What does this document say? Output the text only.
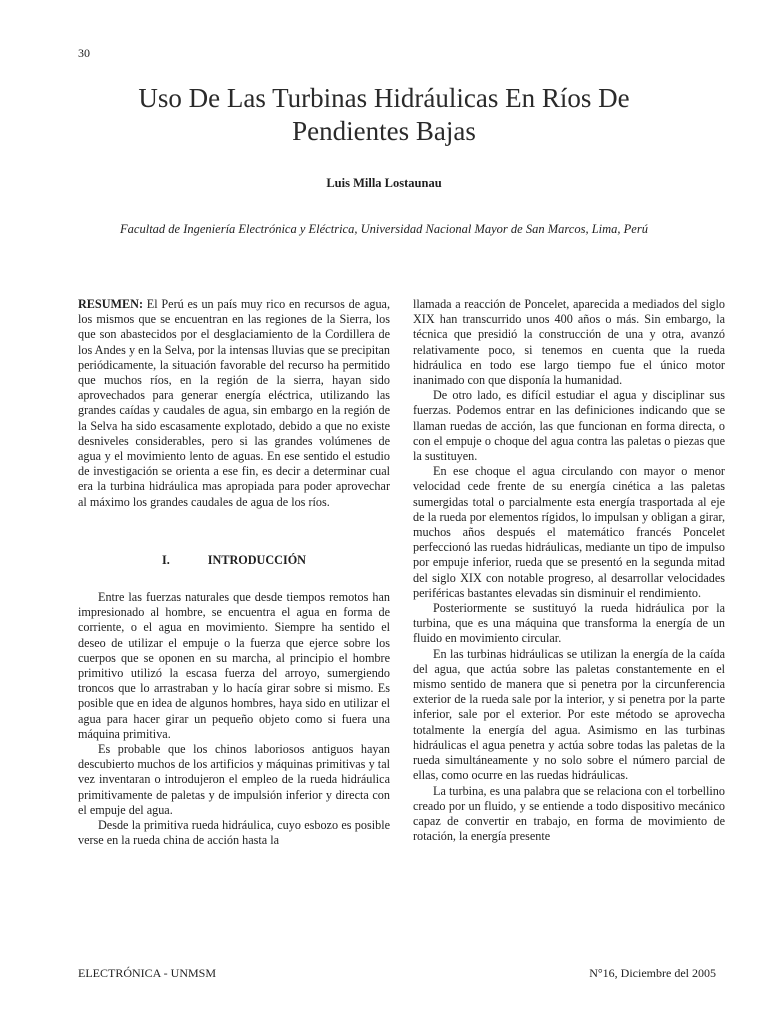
30
Uso De Las Turbinas Hidráulicas En Ríos De
Pendientes Bajas
Luis Milla Lostaunau
Facultad de Ingeniería Electrónica y Eléctrica, Universidad Nacional Mayor de San Marcos, Lima, Perú

RESUMEN: El Perú es un país muy rico en recursos de agua, los mismos que se encuentran en las regiones de la Sierra, los que son abastecidos por el desglaciamiento de la Cordillera de los Andes y en la Selva, por la intensas lluvias que se precipitan periódicamente, la situación favorable del recurso ha permitido que muchos ríos, en la región de la sierra, hayan sido aprovechados para generar energía eléctrica, utilizando las grandes caídas y caudales de agua, sin embargo en la región de la Selva ha sido escasamente explotado, debido a que no existe desniveles considerables, pero si las grandes volúmenes de agua y el movimiento lento de aguas. En ese sentido el estudio de investigación se orienta a ese fin, es decir a determinar cual era la turbina hidráulica mas apropiada para poder aprovechar al máximo los grandes caudales de agua de los ríos.

I.	INTRODUCCIÓN

Entre las fuerzas naturales que desde tiempos remotos han impresionado al hombre, se encuentra el agua en forma de corriente, o el agua en movimiento. Siempre ha sentido el deseo de utilizar el empuje o la fuerza que ejerce sobre los cuerpos que se oponen en su marcha, al principio el hombre primitivo utilizó la escasa fuerza del arroyo, sumergiendo troncos que lo arrastraban y lo hacía girar sobre si mismo. Es posible que en idea de algunos hombres, haya sido en utilizar el agua para hacer girar un pequeño objeto como si fuera una máquina primitiva.

Es probable que los chinos laboriosos antiguos hayan descubierto muchos de los artificios y máquinas primitivas y tal vez inventaran o introdujeron el empleo de la rueda hidráulica primitivamente de paletas y de impulsión inferior y directa con el empuje del agua.

Desde la primitiva rueda hidráulica, cuyo esbozo es posible verse en la rueda china de acción hasta la

llamada a reacción de Poncelet, aparecida a mediados del siglo XIX han transcurrido unos 400 años o más. Sin embargo, la técnica que presidió la construcción de una y otra, avanzó relativamente poco, si tenemos en cuenta que la rueda hidráulica en todo ese largo tiempo fue el único motor inanimado con que disponía la humanidad.

De otro lado, es difícil estudiar el agua y disciplinar sus fuerzas. Podemos entrar en las definiciones indicando que se llaman ruedas de acción, las que funcionan en forma directa, o con el empuje o choque del agua contra las paletas o piezas que la sustituyen.

En ese choque el agua circulando con mayor o menor velocidad cede frente de su energía cinética a las paletas sumergidas total o parcialmente esta energía trasportada al eje de la rueda por elementos rígidos, lo impulsan y obligan a girar, muchos años después el matemático francés Poncelet perfeccionó las ruedas hidráulicas, mediante un tipo de impulso por empuje inferior, rueda que se presentó en la segunda mitad del siglo XIX con notable progreso, al desarrollar velocidades periféricas bastantes elevadas sin disminuir el rendimiento.

Posteriormente se sustituyó la rueda hidráulica por la turbina, que es una máquina que transforma la energía de un fluido en movimiento circular.

En las turbinas hidráulicas se utilizan la energía de la caída del agua, que actúa sobre las paletas constantemente en el mismo sentido de manera que si penetra por la circunferencia exterior de la rueda sale por la interior, y si penetra por la parte inferior, sale por el exterior. Por este método se aprovecha totalmente la energía del agua. Asimismo en las turbinas hidráulicas el agua penetra y actúa sobre todas las paletas de la rueda simultáneamente y no solo sobre el número parcial de ellas, como ocurre en las ruedas hidráulicas.

La turbina, es una palabra que se relaciona con el torbellino creado por un fluido, y se entiende a todo dispositivo mecánico capaz de convertir en trabajo, en forma de movimiento de rotación, la energía presente

ELECTRÓNICA - UNMSM	N°16, Diciembre del 2005
